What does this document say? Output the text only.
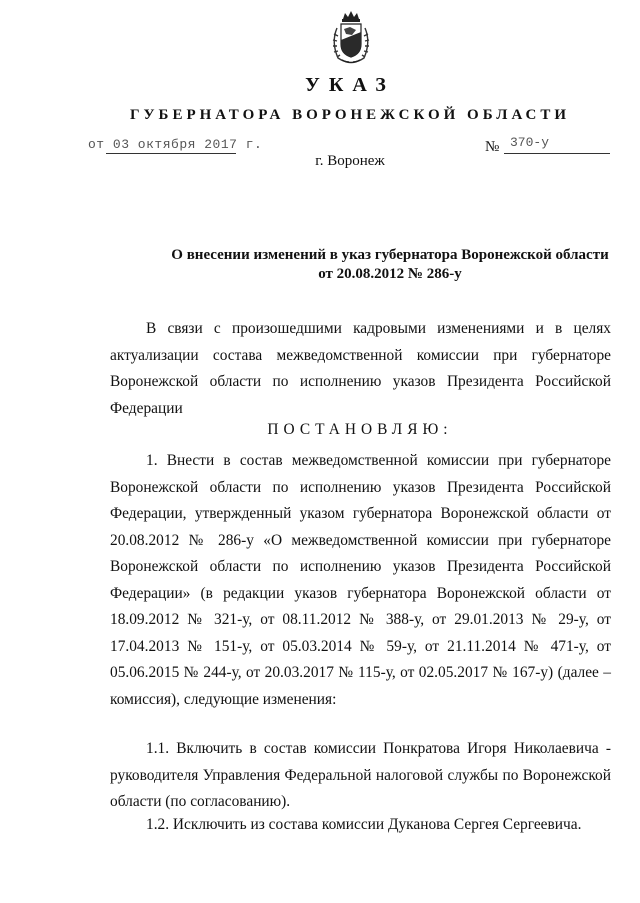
УКАЗ
ГУБЕРНАТОРА ВОРОНЕЖСКОЙ ОБЛАСТИ
от 03 октября 2017 г.	№ 370-у
г. Воронеж
О внесении изменений в указ губернатора Воронежской области
от 20.08.2012 № 286-у

В связи с произошедшими кадровыми изменениями и в целях актуализации состава межведомственной комиссии при губернаторе Воронежской области по исполнению указов Президента Российской Федерации

ПОСТАНОВЛЯЮ:

1. Внести в состав межведомственной комиссии при губернаторе Воронежской области по исполнению указов Президента Российской Федерации, утвержденный указом губернатора Воронежской области от 20.08.2012 № 286-у «О межведомственной комиссии при губернаторе Воронежской области по исполнению указов Президента Российской Федерации» (в редакции указов губернатора Воронежской области от 18.09.2012 № 321-у, от 08.11.2012 № 388-у, от 29.01.2013 № 29-у, от 17.04.2013 № 151-у, от 05.03.2014 № 59-у, от 21.11.2014 № 471-у, от 05.06.2015 № 244-у, от 20.03.2017 № 115-у, от 02.05.2017 № 167-у) (далее – комиссия), следующие изменения:

1.1. Включить в состав комиссии Понкратова Игоря Николаевича - руководителя Управления Федеральной налоговой службы по Воронежской области (по согласованию).

1.2. Исключить из состава комиссии Дуканова Сергея Сергеевича.
